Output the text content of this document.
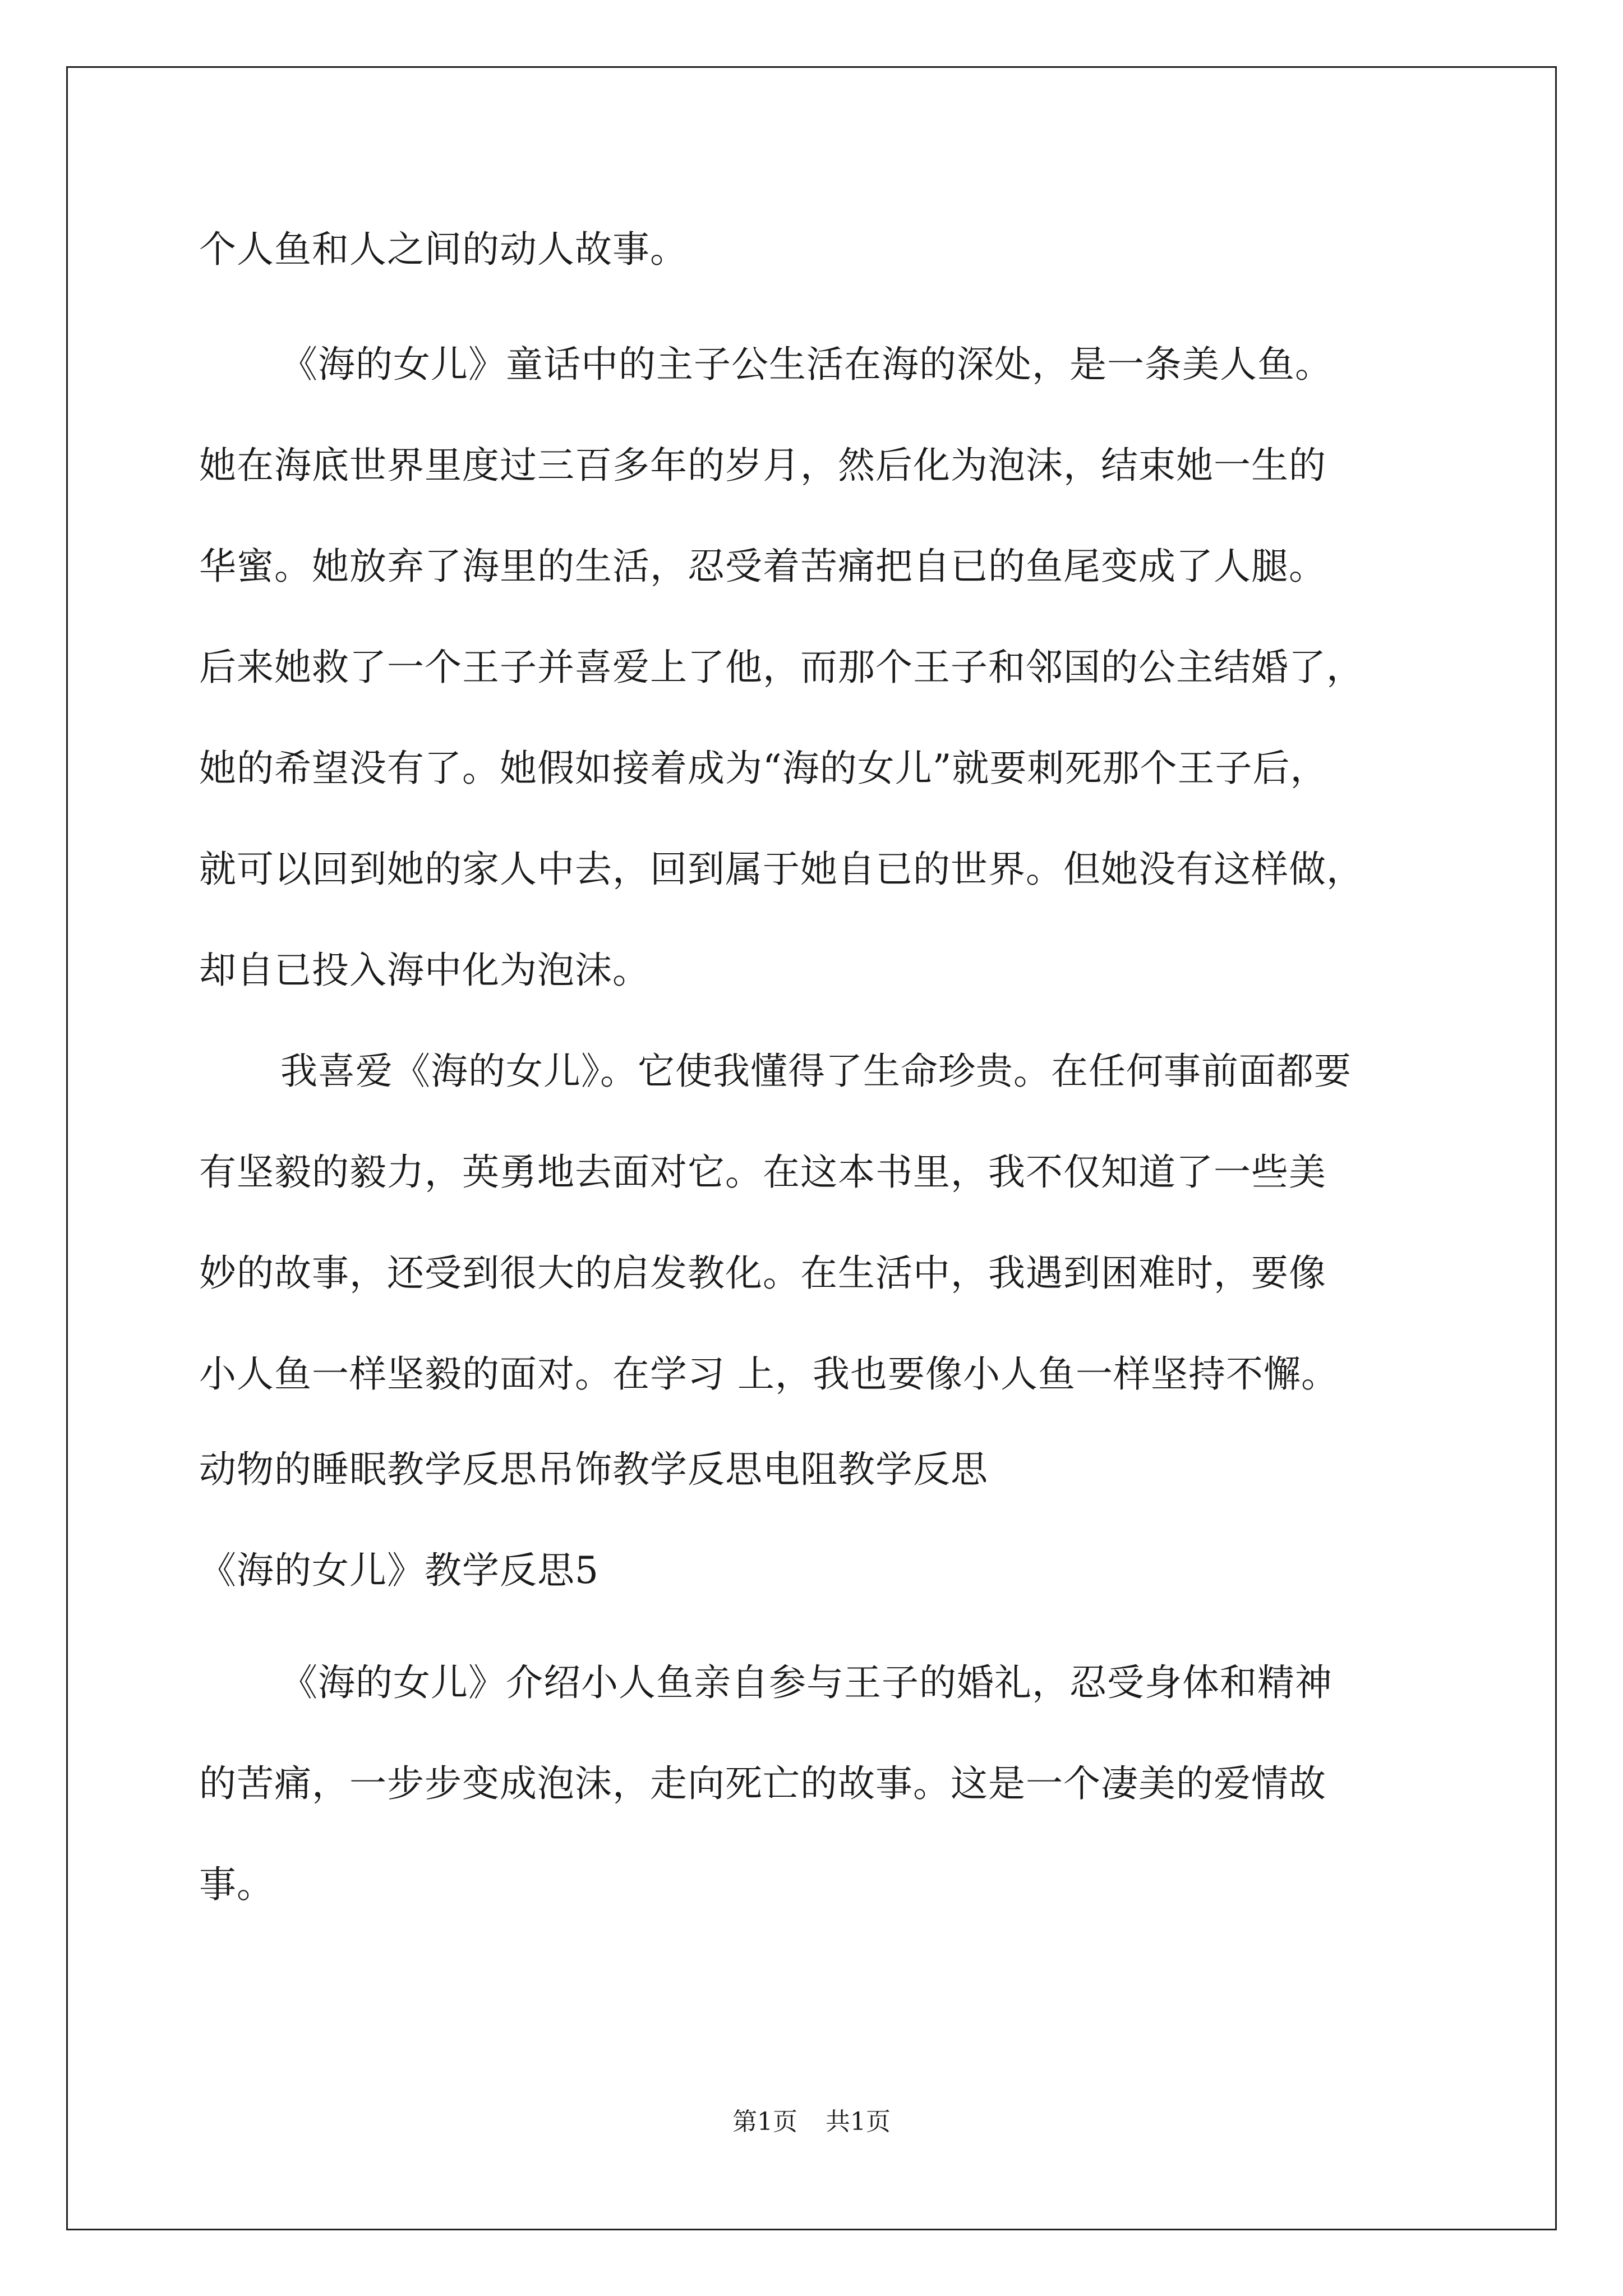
个人鱼和人之间的动人故事。
《海的女儿》童话中的主子公生活在海的深处，是一条美人鱼。
她在海底世界里度过三百多年的岁月，然后化为泡沫，结束她一生的
华蜜。她放弃了海里的生活，忍受着苦痛把自已的鱼尾变成了人腿。
后来她救了一个王子并喜爱上了他，而那个王子和邻国的公主结婚了，
她的希望没有了。她假如接着成为“海的女儿”就要刺死那个王子后，
就可以回到她的家人中去，回到属于她自已的世界。但她没有这样做，
却自已投入海中化为泡沫。
我喜爱《海的女儿》。它使我懂得了生命珍贵。在任何事前面都要
有坚毅的毅力，英勇地去面对它。在这本书里，我不仅知道了一些美
妙的故事，还受到很大的启发教化。在生活中，我遇到困难时，要像
小人鱼一样坚毅的面对。在学习 上，我也要像小人鱼一样坚持不懈。
动物的睡眠教学反思吊饰教学反思电阻教学反思
《海的女儿》教学反思5
《海的女儿》介绍小人鱼亲自参与王子的婚礼，忍受身体和精神
的苦痛，一步步变成泡沫，走向死亡的故事。这是一个凄美的爱情故
事。
第1页 共1页
